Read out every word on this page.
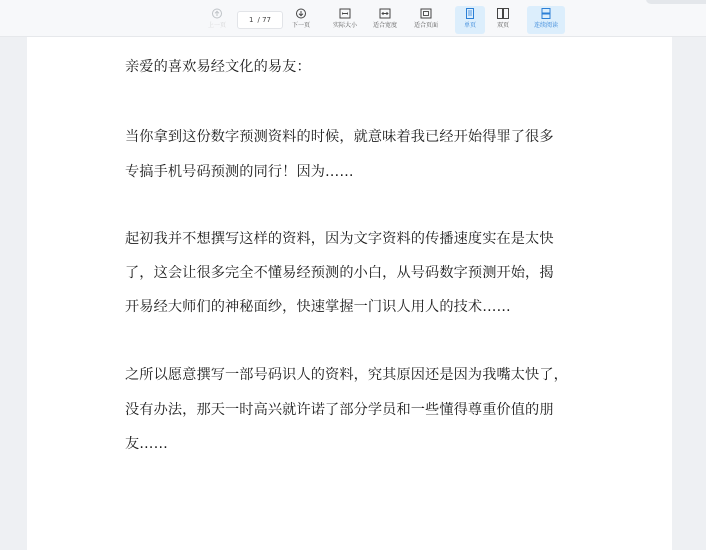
上一页
1 / 77
下一页	实际大小	适合宽度	适合页面	单页	双页	连续阅读
亲爱的喜欢易经文化的易友：
当你拿到这份数字预测资料的时候，就意味着我已经开始得罪了很多
专搞手机号码预测的同行！因为……
起初我并不想撰写这样的资料，因为文字资料的传播速度实在是太快
了，这会让很多完全不懂易经预测的小白，从号码数字预测开始，揭
开易经大师们的神秘面纱，快速掌握一门识人用人的技术……
之所以愿意撰写一部号码识人的资料，究其原因还是因为我嘴太快了，
没有办法，那天一时高兴就许诺了部分学员和一些懂得尊重价值的朋
友……
